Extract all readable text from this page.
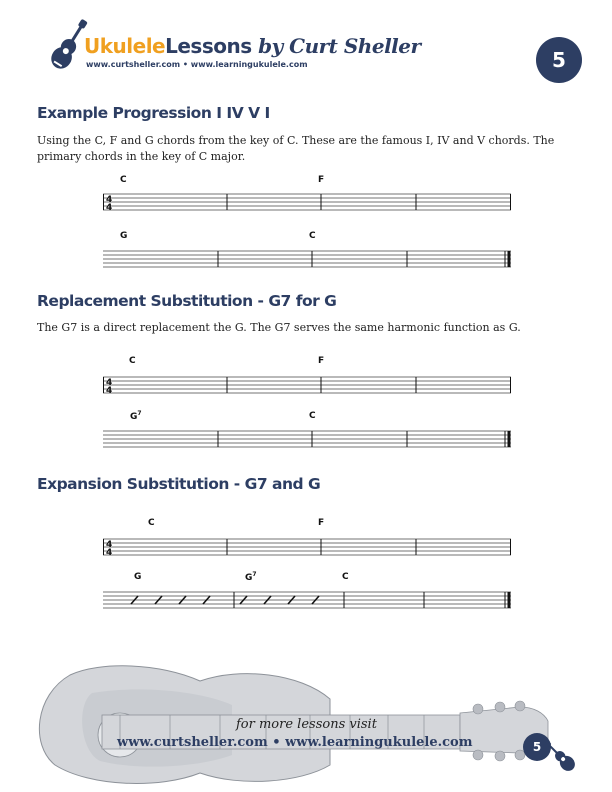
UkuleleLessons by Curt Sheller
www.curtsheller.com • www.learningukulele.com	5
Example Progression I IV V I

Using the C, F and G chords from the key of C. These are the famous I, IV and V chords. The primary chords in the key of C major.

C	F
4
4
G	C
Replacement Substitution - G7 for G

The G7 is a direct replacement the G. The G7 serves the same harmonic function as G.

C	F
4
4
$G^7$	C
Expansion Substitution - G7 and G
C	F
4
4
G	$G^7$	C
for more lessons visit
www.curtsheller.com • www.learningukulele.com	5
